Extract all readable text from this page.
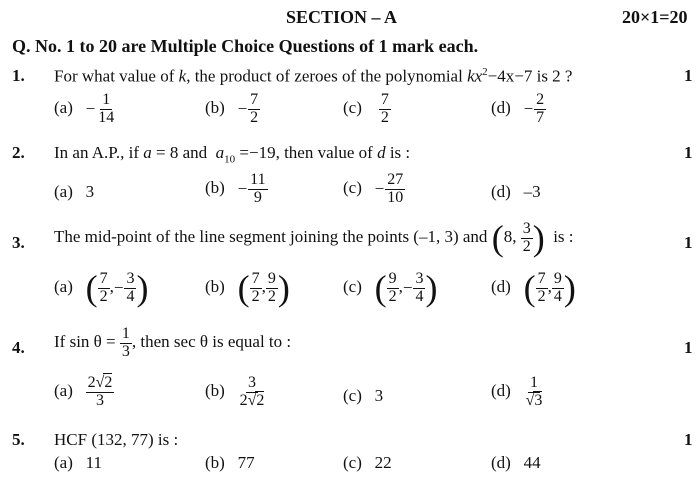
SECTION – A	20×1=20
Q. No. 1 to 20 are Multiple Choice Questions of 1 mark each.
1. For what value of k, the product of zeroes of the polynomial $kx^2-4x-7$ is 2 ?	1
$(a) - \frac{1}{14}$	$(b) - \frac{7}{2}$	$(c) \frac{7}{2}$	$(d) - \frac{2}{7}$
2. In an A.P., if a = 8 and  $a_{10} =-19$, then value of d is :	1
(a) 3	$(b) - \frac{11}{9}$	$(c) - \frac{27}{10}$	(d) –3
3. The mid-point of the line segment joining the points (–1, 3) and (8, $\frac{3}{2}$ ) is :	1
(a) ( $\frac{7}{2}$ ,− $\frac{3}{4}$ )	(b) ( $\frac{7}{2}$ , $\frac{9}{2}$ )	(c) ( $\frac{9}{2}$ ,− $\frac{3}{4}$ )	(d) ( $\frac{7}{2}$ , $\frac{9}{4}$ )
4. If $\sin \theta = \frac{1}{3}$ , then sec θ is equal to :	1
$(a) \frac{2√2}{3}$	$(b) \frac{3}{2√2}$	(c) 3	$(d) \frac{1}{√3}$
5. HCF (132, 77) is :	1
(a) 11	(b) 77	(c) 22	(d) 44
